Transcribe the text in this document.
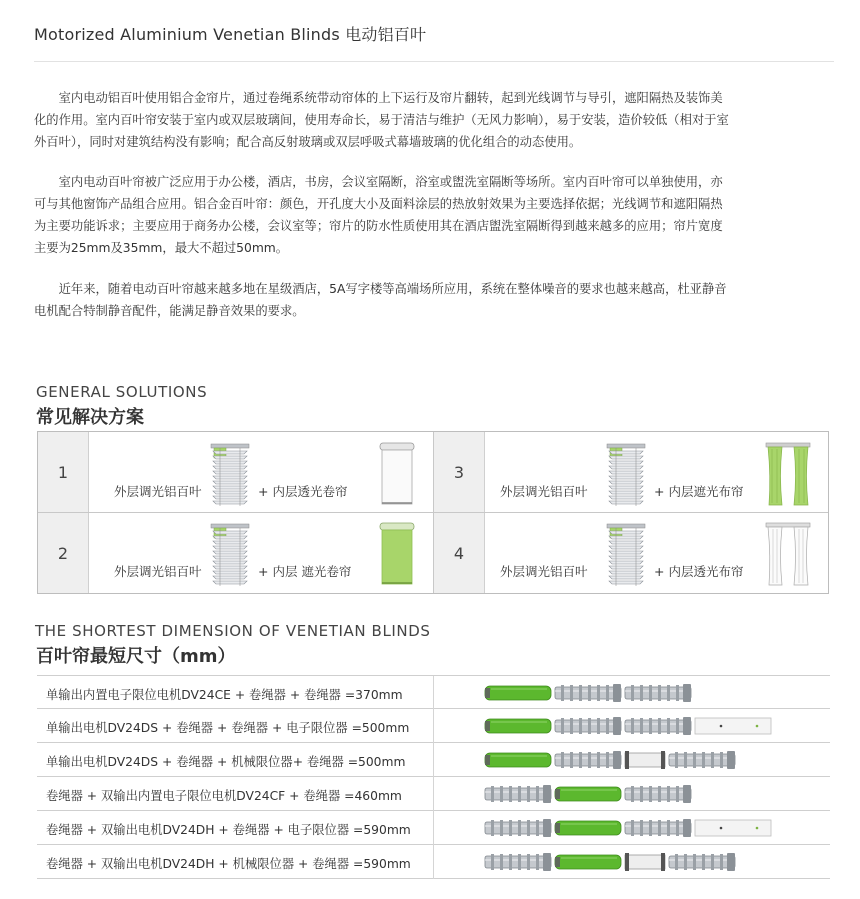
Motorized Aluminium Venetian Blinds 电动铝百叶

室内电动铝百叶使用铝合金帘片，通过卷绳系统带动帘体的上下运行及帘片翻转，起到光线调节与导引，遮阳隔热及装饰美化的作用。室内百叶帘安装于室内或双层玻璃间，使用寿命长，易于清洁与维护（无风力影响），易于安装，造价较低（相对于室外百叶），同时对建筑结构没有影响；配合高反射玻璃或双层呼吸式幕墙玻璃的优化组合的动态使用。

室内电动百叶帘被广泛应用于办公楼，酒店，书房，会议室隔断，浴室或盥洗室隔断等场所。室内百叶帘可以单独使用，亦可与其他窗饰产品组合应用。铝合金百叶帘：颜色，开孔度大小及面料涂层的热放射效果为主要选择依据；光线调节和遮阳隔热为主要功能诉求；主要应用于商务办公楼，会议室等；帘片的防水性质使用其在酒店盥洗室隔断得到越来越多的应用；帘片宽度主要为25mm及35mm，最大不超过50mm。

近年来，随着电动百叶帘越来越多地在星级酒店，5A写字楼等高端场所应用，系统在整体噪音的要求也越来越高，杜亚静音电机配合特制静音配件，能满足静音效果的要求。

GENERAL SOLUTIONS
常见解决方案
1
外层调光铝百叶	+ 内层透光卷帘
2
外层调光铝百叶	+ 内层 遮光卷帘
3
外层调光铝百叶	+ 内层遮光布帘
4
外层调光铝百叶	+ 内层透光布帘
THE SHORTEST DIMENSION OF VENETIAN BLINDS
百叶帘最短尺寸（mm）
单输出内置电子限位电机DV24CE + 卷绳器 + 卷绳器 =370mm
单输出电机DV24DS + 卷绳器 + 卷绳器 + 电子限位器 =500mm
单输出电机DV24DS + 卷绳器 + 机械限位器+ 卷绳器 =500mm
卷绳器 + 双输出内置电子限位电机DV24CF + 卷绳器 =460mm
卷绳器 + 双输出电机DV24DH + 卷绳器 + 电子限位器 =590mm
卷绳器 + 双输出电机DV24DH + 机械限位器 + 卷绳器 =590mm
